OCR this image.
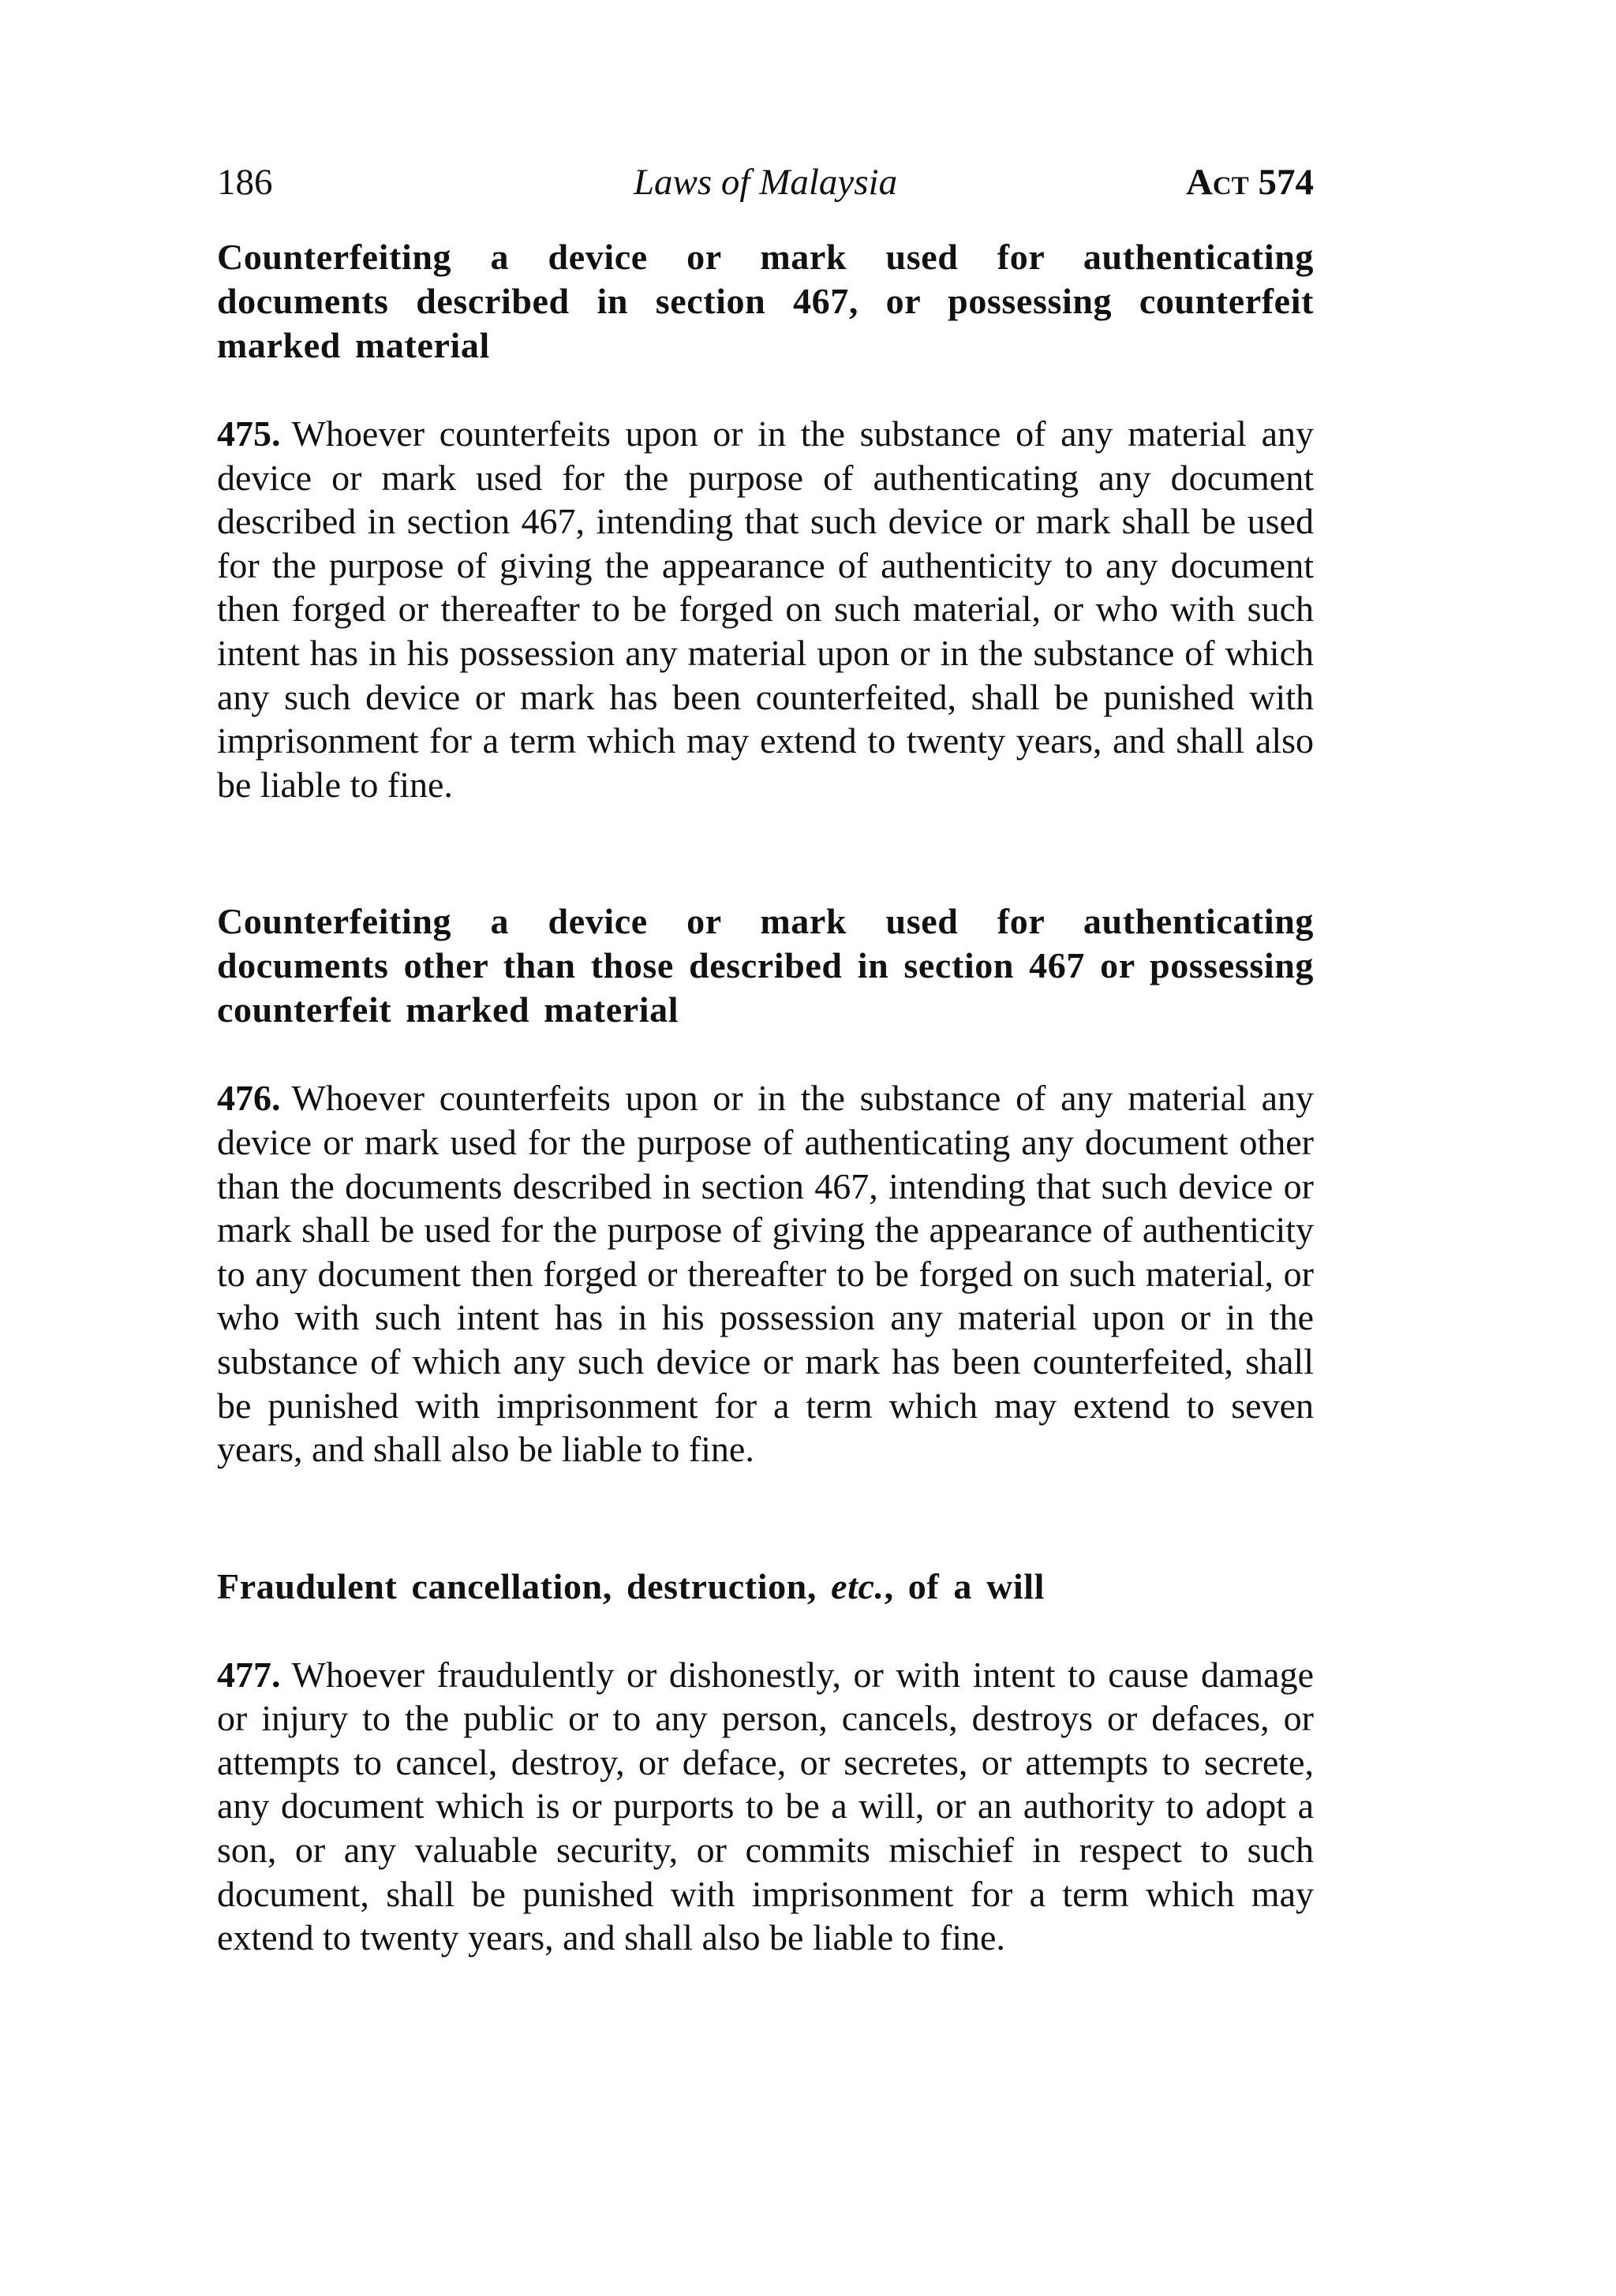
186	Laws of Malaysia	Act 574
Counterfeiting a device or mark used for authenticating documents described in section 467, or possessing counterfeit marked material
475. Whoever counterfeits upon or in the substance of any material any device or mark used for the purpose of authenticating any document described in section 467, intending that such device or mark shall be used for the purpose of giving the appearance of authenticity to any document then forged or thereafter to be forged on such material, or who with such intent has in his possession any material upon or in the substance of which any such device or mark has been counterfeited, shall be punished with imprisonment for a term which may extend to twenty years, and shall also be liable to fine.
Counterfeiting a device or mark used for authenticating documents other than those described in section 467 or possessing counterfeit marked material
476. Whoever counterfeits upon or in the substance of any material any device or mark used for the purpose of authenticating any document other than the documents described in section 467, intending that such device or mark shall be used for the purpose of giving the appearance of authenticity to any document then forged or thereafter to be forged on such material, or who with such intent has in his possession any material upon or in the substance of which any such device or mark has been counterfeited, shall be punished with imprisonment for a term which may extend to seven years, and shall also be liable to fine.
Fraudulent cancellation, destruction, etc., of a will
477. Whoever fraudulently or dishonestly, or with intent to cause damage or injury to the public or to any person, cancels, destroys or defaces, or attempts to cancel, destroy, or deface, or secretes, or attempts to secrete, any document which is or purports to be a will, or an authority to adopt a son, or any valuable security, or commits mischief in respect to such document, shall be punished with imprisonment for a term which may extend to twenty years, and shall also be liable to fine.
